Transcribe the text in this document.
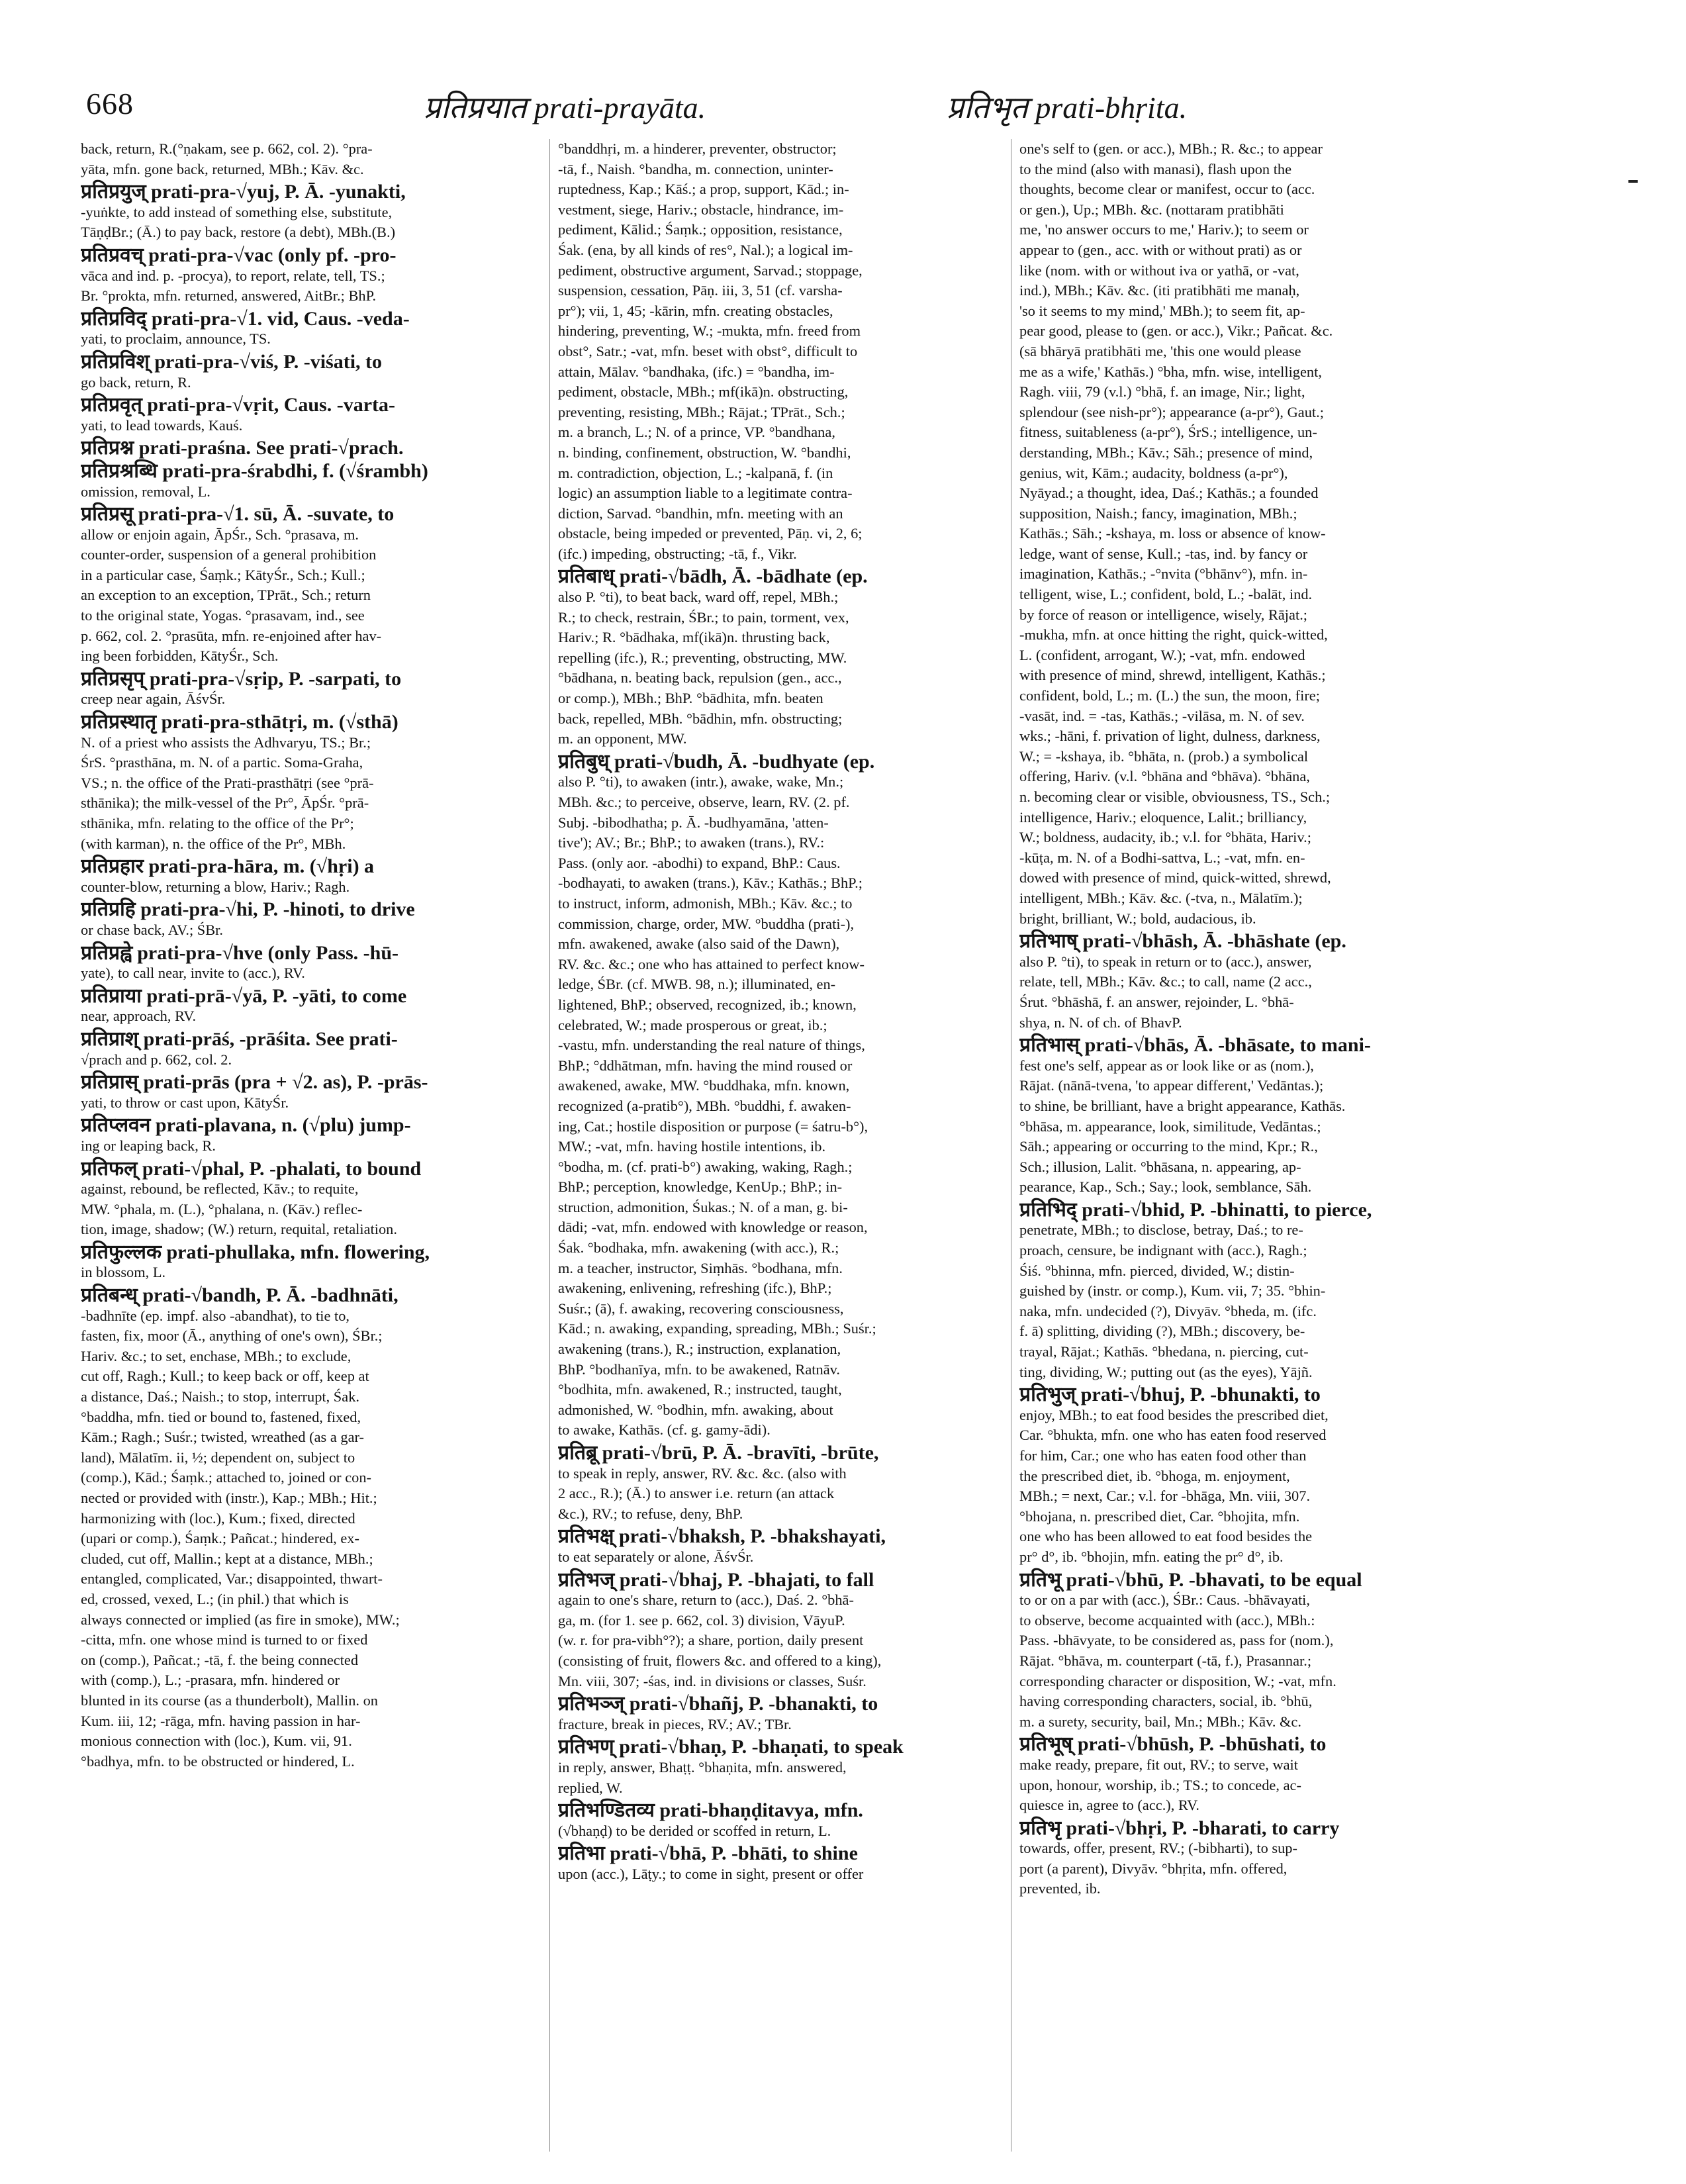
668	प्रतिप्रयात prati-prayāta.	प्रतिभृत prati-bhṛita.

back, return, R.(°ṇakam, see p. 662, col. 2). °pra-

yāta, mfn. gone back, returned, MBh.; Kāv. &c.

प्रतिप्रयुज् prati-pra-√yuj, P. Ā. -yunakti,

-yuṅkte, to add instead of something else, substitute,

TāṇḍBr.; (Ā.) to pay back, restore (a debt), MBh.(B.)

प्रतिप्रवच् prati-pra-√vac (only pf. -pro-

vāca and ind. p. -procya), to report, relate, tell, TS.;

Br. °prokta, mfn. returned, answered, AitBr.; BhP.

प्रतिप्रविद् prati-pra-√1. vid, Caus. -veda-

yati, to proclaim, announce, TS.

प्रतिप्रविश् prati-pra-√viś, P. -viśati, to

go back, return, R.

प्रतिप्रवृत् prati-pra-√vṛit, Caus. -varta-

yati, to lead towards, Kauś.

प्रतिप्रश्न prati-praśna. See prati-√prach.

प्रतिप्रश्रब्धि prati-pra-śrabdhi, f. (√śrambh)

omission, removal, L.

प्रतिप्रसू prati-pra-√1. sū, Ā. -suvate, to

allow or enjoin again, ĀpŚr., Sch. °prasava, m.

counter-order, suspension of a general prohibition

in a particular case, Śaṃk.; KātyŚr., Sch.; Kull.;

an exception to an exception, TPrāt., Sch.; return

to the original state, Yogas. °prasavam, ind., see

p. 662, col. 2. °prasūta, mfn. re-enjoined after hav-

ing been forbidden, KātyŚr., Sch.

प्रतिप्रसृप् prati-pra-√sṛip, P. -sarpati, to

creep near again, ĀśvŚr.

प्रतिप्रस्थातृ prati-pra-sthātṛi, m. (√sthā)

N. of a priest who assists the Adhvaryu, TS.; Br.;

ŚrS. °prasthāna, m. N. of a partic. Soma-Graha,

VS.; n. the office of the Prati-prasthātṛi (see °prā-

sthānika); the milk-vessel of the Pr°, ĀpŚr. °prā-

sthānika, mfn. relating to the office of the Pr°;

(with karman), n. the office of the Pr°, MBh.

प्रतिप्रहार prati-pra-hāra, m. (√hṛi) a

counter-blow, returning a blow, Hariv.; Ragh.

प्रतिप्रहि prati-pra-√hi, P. -hinoti, to drive

or chase back, AV.; ŚBr.

प्रतिप्रह्वे prati-pra-√hve (only Pass. -hū-

yate), to call near, invite to (acc.), RV.

प्रतिप्राया prati-prā-√yā, P. -yāti, to come

near, approach, RV.

प्रतिप्राश् prati-prāś, -prāśita. See prati-

√prach and p. 662, col. 2.

प्रतिप्रास् prati-prās (pra + √2. as), P. -prās-

yati, to throw or cast upon, KātyŚr.

प्रतिप्लवन prati-plavana, n. (√plu) jump-

ing or leaping back, R.

प्रतिफल् prati-√phal, P. -phalati, to bound

against, rebound, be reflected, Kāv.; to requite,

MW. °phala, m. (L.), °phalana, n. (Kāv.) reflec-

tion, image, shadow; (W.) return, requital, retaliation.

प्रतिफुल्लक prati-phullaka, mfn. flowering,

in blossom, L.

प्रतिबन्ध् prati-√bandh, P. Ā. -badhnāti,

-badhnīte (ep. impf. also -abandhat), to tie to,

fasten, fix, moor (Ā., anything of one's own), ŚBr.;

Hariv. &c.; to set, enchase, MBh.; to exclude,

cut off, Ragh.; Kull.; to keep back or off, keep at

a distance, Daś.; Naish.; to stop, interrupt, Śak.

°baddha, mfn. tied or bound to, fastened, fixed,

Kām.; Ragh.; Suśr.; twisted, wreathed (as a gar-

land), Mālatīm. ii, ½; dependent on, subject to

(comp.), Kād.; Śaṃk.; attached to, joined or con-

nected or provided with (instr.), Kap.; MBh.; Hit.;

harmonizing with (loc.), Kum.; fixed, directed

(upari or comp.), Śaṃk.; Pañcat.; hindered, ex-

cluded, cut off, Mallin.; kept at a distance, MBh.;

entangled, complicated, Var.; disappointed, thwart-

ed, crossed, vexed, L.; (in phil.) that which is

always connected or implied (as fire in smoke), MW.;

-citta, mfn. one whose mind is turned to or fixed

on (comp.), Pañcat.; -tā, f. the being connected

with (comp.), L.; -prasara, mfn. hindered or

blunted in its course (as a thunderbolt), Mallin. on

Kum. iii, 12; -rāga, mfn. having passion in har-

monious connection with (loc.), Kum. vii, 91.

°badhya, mfn. to be obstructed or hindered, L.

°banddhṛi, m. a hinderer, preventer, obstructor;

-tā, f., Naish. °bandha, m. connection, uninter-

ruptedness, Kap.; Kāś.; a prop, support, Kād.; in-

vestment, siege, Hariv.; obstacle, hindrance, im-

pediment, Kālid.; Śaṃk.; opposition, resistance,

Śak. (ena, by all kinds of res°, Nal.); a logical im-

pediment, obstructive argument, Sarvad.; stoppage,

suspension, cessation, Pāṇ. iii, 3, 51 (cf. varsha-

pr°); vii, 1, 45; -kārin, mfn. creating obstacles,

hindering, preventing, W.; -mukta, mfn. freed from

obst°, Satr.; -vat, mfn. beset with obst°, difficult to

attain, Mālav. °bandhaka, (ifc.) = °bandha, im-

pediment, obstacle, MBh.; mf(ikā)n. obstructing,

preventing, resisting, MBh.; Rājat.; TPrāt., Sch.;

m. a branch, L.; N. of a prince, VP. °bandhana,

n. binding, confinement, obstruction, W. °bandhi,

m. contradiction, objection, L.; -kalpanā, f. (in

logic) an assumption liable to a legitimate contra-

diction, Sarvad. °bandhin, mfn. meeting with an

obstacle, being impeded or prevented, Pāṇ. vi, 2, 6;

(ifc.) impeding, obstructing; -tā, f., Vikr.

प्रतिबाध् prati-√bādh, Ā. -bādhate (ep.

also P. °ti), to beat back, ward off, repel, MBh.;

R.; to check, restrain, ŚBr.; to pain, torment, vex,

Hariv.; R. °bādhaka, mf(ikā)n. thrusting back,

repelling (ifc.), R.; preventing, obstructing, MW.

°bādhana, n. beating back, repulsion (gen., acc.,

or comp.), MBh.; BhP. °bādhita, mfn. beaten

back, repelled, MBh. °bādhin, mfn. obstructing;

m. an opponent, MW.

प्रतिबुध् prati-√budh, Ā. -budhyate (ep.

also P. °ti), to awaken (intr.), awake, wake, Mn.;

MBh. &c.; to perceive, observe, learn, RV. (2. pf.

Subj. -bibodhatha; p. Ā. -budhyamāna, 'atten-

tive'); AV.; Br.; BhP.; to awaken (trans.), RV.:

Pass. (only aor. -abodhi) to expand, BhP.: Caus.

-bodhayati, to awaken (trans.), Kāv.; Kathās.; BhP.;

to instruct, inform, admonish, MBh.; Kāv. &c.; to

commission, charge, order, MW. °buddha (prati-),

mfn. awakened, awake (also said of the Dawn),

RV. &c. &c.; one who has attained to perfect know-

ledge, ŚBr. (cf. MWB. 98, n.); illuminated, en-

lightened, BhP.; observed, recognized, ib.; known,

celebrated, W.; made prosperous or great, ib.;

-vastu, mfn. understanding the real nature of things,

BhP.; °ddhātman, mfn. having the mind roused or

awakened, awake, MW. °buddhaka, mfn. known,

recognized (a-pratib°), MBh. °buddhi, f. awaken-

ing, Cat.; hostile disposition or purpose (= śatru-b°),

MW.; -vat, mfn. having hostile intentions, ib.

°bodha, m. (cf. prati-b°) awaking, waking, Ragh.;

BhP.; perception, knowledge, KenUp.; BhP.; in-

struction, admonition, Śukas.; N. of a man, g. bi-

dādi; -vat, mfn. endowed with knowledge or reason,

Śak. °bodhaka, mfn. awakening (with acc.), R.;

m. a teacher, instructor, Siṃhās. °bodhana, mfn.

awakening, enlivening, refreshing (ifc.), BhP.;

Suśr.; (ā), f. awaking, recovering consciousness,

Kād.; n. awaking, expanding, spreading, MBh.; Suśr.;

awakening (trans.), R.; instruction, explanation,

BhP. °bodhanīya, mfn. to be awakened, Ratnāv.

°bodhita, mfn. awakened, R.; instructed, taught,

admonished, W. °bodhin, mfn. awaking, about

to awake, Kathās. (cf. g. gamy-ādi).

प्रतिब्रू prati-√brū, P. Ā. -bravīti, -brūte,

to speak in reply, answer, RV. &c. &c. (also with

2 acc., R.); (Ā.) to answer i.e. return (an attack

&c.), RV.; to refuse, deny, BhP.

प्रतिभक्ष् prati-√bhaksh, P. -bhakshayati,

to eat separately or alone, ĀśvŚr.

प्रतिभज् prati-√bhaj, P. -bhajati, to fall

again to one's share, return to (acc.), Daś. 2. °bhā-

ga, m. (for 1. see p. 662, col. 3) division, VāyuP.

(w. r. for pra-vibh°?); a share, portion, daily present

(consisting of fruit, flowers &c. and offered to a king),

Mn. viii, 307; -śas, ind. in divisions or classes, Suśr.

प्रतिभञ्ज् prati-√bhañj, P. -bhanakti, to

fracture, break in pieces, RV.; AV.; TBr.

प्रतिभण् prati-√bhaṇ, P. -bhaṇati, to speak

in reply, answer, Bhaṭṭ. °bhaṇita, mfn. answered,

replied, W.

प्रतिभण्डितव्य prati-bhaṇḍitavya, mfn.

(√bhaṇḍ) to be derided or scoffed in return, L.

प्रतिभा prati-√bhā, P. -bhāti, to shine

upon (acc.), Lāṭy.; to come in sight, present or offer

one's self to (gen. or acc.), MBh.; R. &c.; to appear

to the mind (also with manasi), flash upon the

thoughts, become clear or manifest, occur to (acc.

or gen.), Up.; MBh. &c. (nottaram pratibhāti

me, 'no answer occurs to me,' Hariv.); to seem or

appear to (gen., acc. with or without prati) as or

like (nom. with or without iva or yathā, or -vat,

ind.), MBh.; Kāv. &c. (iti pratibhāti me manaḥ,

'so it seems to my mind,' MBh.); to seem fit, ap-

pear good, please to (gen. or acc.), Vikr.; Pañcat. &c.

(sā bhāryā pratibhāti me, 'this one would please

me as a wife,' Kathās.) °bha, mfn. wise, intelligent,

Ragh. viii, 79 (v.l.) °bhā, f. an image, Nir.; light,

splendour (see nish-pr°); appearance (a-pr°), Gaut.;

fitness, suitableness (a-pr°), ŚrS.; intelligence, un-

derstanding, MBh.; Kāv.; Sāh.; presence of mind,

genius, wit, Kām.; audacity, boldness (a-pr°),

Nyāyad.; a thought, idea, Daś.; Kathās.; a founded

supposition, Naish.; fancy, imagination, MBh.;

Kathās.; Sāh.; -kshaya, m. loss or absence of know-

ledge, want of sense, Kull.; -tas, ind. by fancy or

imagination, Kathās.; -°nvita (°bhānv°), mfn. in-

telligent, wise, L.; confident, bold, L.; -balāt, ind.

by force of reason or intelligence, wisely, Rājat.;

-mukha, mfn. at once hitting the right, quick-witted,

L. (confident, arrogant, W.); -vat, mfn. endowed

with presence of mind, shrewd, intelligent, Kathās.;

confident, bold, L.; m. (L.) the sun, the moon, fire;

-vasāt, ind. = -tas, Kathās.; -vilāsa, m. N. of sev.

wks.; -hāni, f. privation of light, dulness, darkness,

W.; = -kshaya, ib. °bhāta, n. (prob.) a symbolical

offering, Hariv. (v.l. °bhāna and °bhāva). °bhāna,

n. becoming clear or visible, obviousness, TS., Sch.;

intelligence, Hariv.; eloquence, Lalit.; brilliancy,

W.; boldness, audacity, ib.; v.l. for °bhāta, Hariv.;

-kūṭa, m. N. of a Bodhi-sattva, L.; -vat, mfn. en-

dowed with presence of mind, quick-witted, shrewd,

intelligent, MBh.; Kāv. &c. (-tva, n., Mālatīm.);

bright, brilliant, W.; bold, audacious, ib.

प्रतिभाष् prati-√bhāsh, Ā. -bhāshate (ep.

also P. °ti), to speak in return or to (acc.), answer,

relate, tell, MBh.; Kāv. &c.; to call, name (2 acc.,

Śrut. °bhāshā, f. an answer, rejoinder, L. °bhā-

shya, n. N. of ch. of BhavP.

प्रतिभास् prati-√bhās, Ā. -bhāsate, to mani-

fest one's self, appear as or look like or as (nom.),

Rājat. (nānā-tvena, 'to appear different,' Vedāntas.);

to shine, be brilliant, have a bright appearance, Kathās.

°bhāsa, m. appearance, look, similitude, Vedāntas.;

Sāh.; appearing or occurring to the mind, Kpr.; R.,

Sch.; illusion, Lalit. °bhāsana, n. appearing, ap-

pearance, Kap., Sch.; Say.; look, semblance, Sāh.

प्रतिभिद् prati-√bhid, P. -bhinatti, to pierce,

penetrate, MBh.; to disclose, betray, Daś.; to re-

proach, censure, be indignant with (acc.), Ragh.;

Śiś. °bhinna, mfn. pierced, divided, W.; distin-

guished by (instr. or comp.), Kum. vii, 7; 35. °bhin-

naka, mfn. undecided (?), Divyāv. °bheda, m. (ifc.

f. ā) splitting, dividing (?), MBh.; discovery, be-

trayal, Rājat.; Kathās. °bhedana, n. piercing, cut-

ting, dividing, W.; putting out (as the eyes), Yājñ.

प्रतिभुज् prati-√bhuj, P. -bhunakti, to

enjoy, MBh.; to eat food besides the prescribed diet,

Car. °bhukta, mfn. one who has eaten food reserved

for him, Car.; one who has eaten food other than

the prescribed diet, ib. °bhoga, m. enjoyment,

MBh.; = next, Car.; v.l. for -bhāga, Mn. viii, 307.

°bhojana, n. prescribed diet, Car. °bhojita, mfn.

one who has been allowed to eat food besides the

pr° d°, ib. °bhojin, mfn. eating the pr° d°, ib.

प्रतिभू prati-√bhū, P. -bhavati, to be equal

to or on a par with (acc.), ŚBr.: Caus. -bhāvayati,

to observe, become acquainted with (acc.), MBh.:

Pass. -bhāvyate, to be considered as, pass for (nom.),

Rājat. °bhāva, m. counterpart (-tā, f.), Prasannar.;

corresponding character or disposition, W.; -vat, mfn.

having corresponding characters, social, ib. °bhū,

m. a surety, security, bail, Mn.; MBh.; Kāv. &c.

प्रतिभूष् prati-√bhūsh, P. -bhūshati, to

make ready, prepare, fit out, RV.; to serve, wait

upon, honour, worship, ib.; TS.; to concede, ac-

quiesce in, agree to (acc.), RV.

प्रतिभृ prati-√bhṛi, P. -bharati, to carry

towards, offer, present, RV.; (-bibharti), to sup-

port (a parent), Divyāv. °bhṛita, mfn. offered,

prevented, ib.
